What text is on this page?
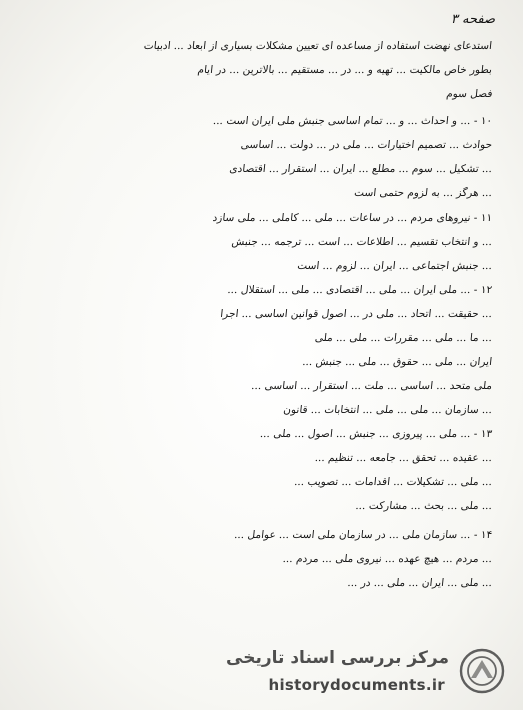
صفحه ۳
استدعای نهضت استفاده از مساعده ای تعیین مشکلات بسیاری از ابعاد ... ادبیات
بطور خاص مالکیت ... تهیه و ... در ... مستقیم ... بالاترین ... در ایام
فصل سوم
۱۰ - ... و احداث ... و ... تمام اساسی جنبش ملی ایران است ...
حوادث ... تصمیم اختیارات ... ملی در ... دولت ... اساسی
... تشکیل ... سوم ... مطلع ... ایران ... استقرار ... اقتصادی
... هرگز ... به لزوم حتمی است
۱۱ - نیروهای مردم ... در ساعات ... ملی ... کاملی ... ملی سازد
... و انتخاب تقسیم ... اطلاعات ... است ... ترجمه ... جنبش
... جنبش اجتماعی ... ایران ... لزوم ... است
۱۲ - ... ملی ایران ... ملی ... اقتصادی ... ملی ... استقلال ...
... حقیقت ... اتحاد ... ملی در ... اصول قوانین اساسی ... اجرا
... ما ... ملی ... مقررات ... ملی ... ملی
ایران ... ملی ... حقوق ... ملی ... جنبش ...
ملی متحد ... اساسی ... ملت ... استقرار ... اساسی ...
... سازمان ... ملی ... ملی ... انتخابات ... قانون
۱۳ - ... ملی ... پیروزی ... جنبش ... اصول ... ملی ...
... عقیده ... تحقق ... جامعه ... تنظیم ...
... ملی ... تشکیلات ... اقدامات ... تصویب ...
... ملی ... بحث ... مشارکت ...
۱۴ - ... سازمان ملی ... در سازمان ملی است ... عوامل ...
... مردم ... هیچ عهده ... نیروی ملی ... مردم ...
... ملی ... ایران ... ملی ... در ...
مرکز بررسی اسناد تاریخی
historydocuments.ir
